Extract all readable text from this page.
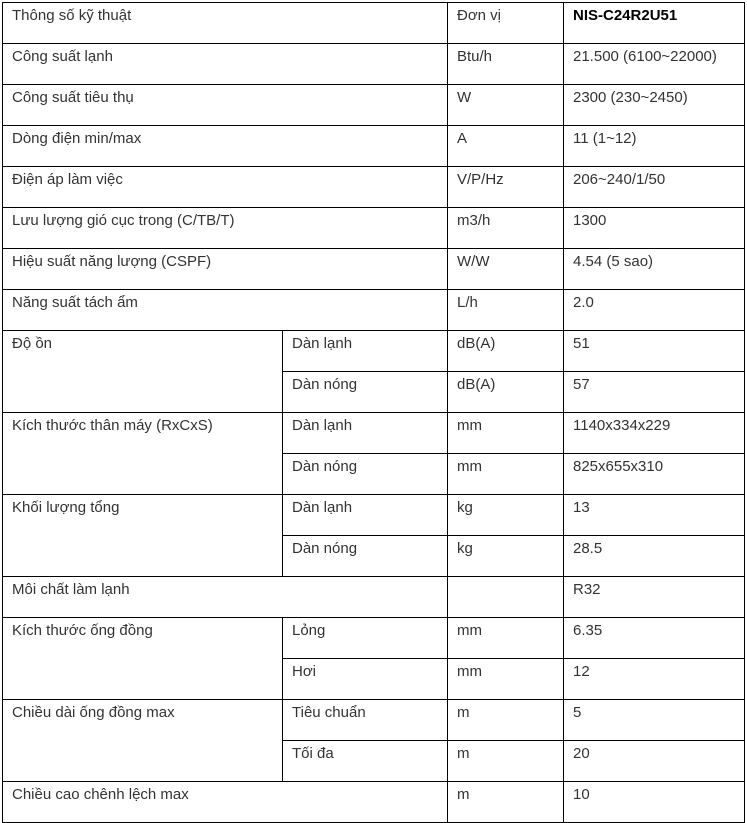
Thông số kỹ thuật		Đơn vị	NIS-C24R2U51
Công suất lạnh		Btu/h	21.500 (6100~22000)
Công suất tiêu thụ		W	2300 (230~2450)
Dòng điện min/max		A	11 (1~12)
Điện áp làm việc		V/P/Hz	206~240/1/50
Lưu lượng gió cục trong (C/TB/T)		m3/h	1300
Hiệu suất năng lượng (CSPF)		W/W	4.54 (5 sao)
Năng suất tách ẩm		L/h	2.0
Độ ồn	Dàn lạnh	dB(A)	51
	Dàn nóng	dB(A)	57
Kích thước thân máy (RxCxS)	Dàn lạnh	mm	1140x334x229
	Dàn nóng	mm	825x655x310
Khối lượng tổng	Dàn lạnh	kg	13
	Dàn nóng	kg	28.5
Môi chất làm lạnh			R32
Kích thước ống đồng	Lỏng	mm	6.35
	Hơi	mm	12
Chiều dài ống đồng max	Tiêu chuẩn	m	5
	Tối đa	m	20
Chiều cao chênh lệch max		m	10
